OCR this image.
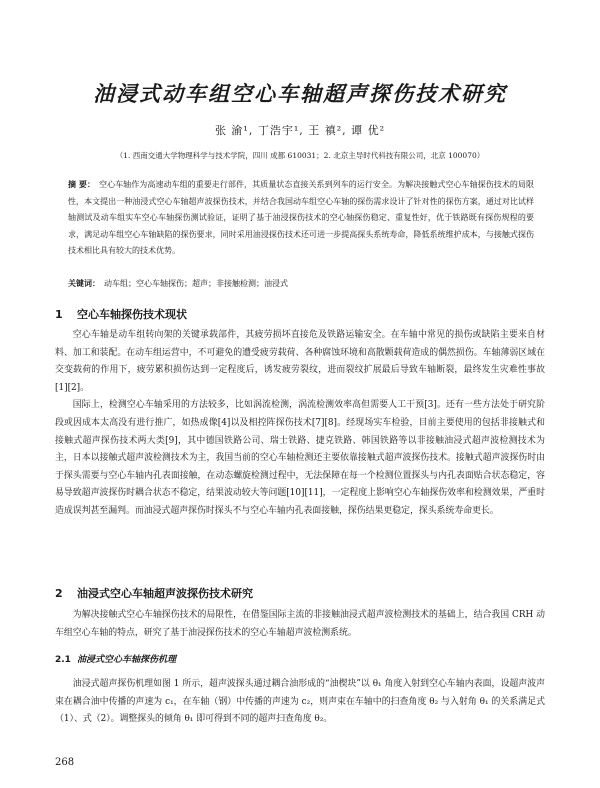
油浸式动车组空心车轴超声探伤技术研究
张 渝¹, 丁浩宇¹, 王 禛², 谭 优²
（1. 西南交通大学物理科学与技术学院，四川 成都 610031；2. 北京主导时代科技有限公司，北京 100070）
摘 要： 空心车轴作为高速动车组的重要走行部件，其质量状态直接关系到列车的运行安全。为解决接触式空心车轴探伤技术的局限性，本文提出一种油浸式空心车轴超声波探伤技术，并结合我国动车组空心车轴的探伤需求设计了针对性的探伤方案，通过对比试样轴测试及动车组实车空心车轴探伤测试验证，证明了基于油浸探伤技术的空心轴探伤稳定、重复性好，优于铁路既有探伤规程的要求，满足动车组空心车轴缺陷的探伤要求，同时采用油浸探伤技术还可进一步提高探头系统寿命，降低系统维护成本，与接触式探伤技术相比具有较大的技术优势。
关键词： 动车组；空心车轴探伤；超声；非接触检测；油浸式
1 空心车轴探伤技术现状

空心车轴是动车组转向架的关键承载部件，其疲劳损坏直接危及铁路运输安全。在车轴中常见的损伤或缺陷主要来自材料、加工和装配。在动车组运营中，不可避免的遭受疲劳载荷、各种腐蚀环境和高散颗载荷造成的偶然损伤。车轴薄弱区域在交变载荷的作用下，疲劳累积损伤达到一定程度后，诱发疲劳裂纹，进而裂纹扩展最后导致车轴断裂，最终发生灾难性事故[1][2]。

国际上，检测空心车轴采用的方法较多，比如涡流检测，涡流检测效率高但需要人工干预[3]。还有一些方法处于研究阶段或因成本太高没有进行推广，如热成像[4]以及相控阵探伤技术[7][8]。经现场实车检验，目前主要使用的包括非接触式和接触式超声探伤技术两大类[9]，其中德国铁路公司、瑞士铁路、捷克铁路、韩国铁路等以非接触油浸式超声波检测技术为主，日本以接触式超声波检测技术为主，我国当前的空心车轴检测还主要依靠接触式超声波探伤技术。接触式超声波探伤时由于探头需要与空心车轴内孔表面接触，在动态螺旋检测过程中，无法保障在每一个检测位置探头与内孔表面贴合状态稳定，容易导致超声波探伤时耦合状态不稳定，结果波动较大等问题[10][11]，一定程度上影响空心车轴探伤效率和检测效果，严重时造成误判甚至漏判。而油浸式超声探伤时探头不与空心车轴内孔表面接触，探伤结果更稳定，探头系统寿命更长。

2 油浸式空心车轴超声波探伤技术研究

为解决接触式空心车轴探伤技术的局限性，在借鉴国际主流的非接触油浸式超声波检测技术的基础上，结合我国 CRH 动车组空心车轴的特点，研究了基于油浸探伤技术的空心车轴超声波检测系统。

2.1 油浸式空心车轴探伤机理

油浸式超声探伤机理如图 1 所示，超声波探头通过耦合油形成的“油楔块”以 θ₁ 角度入射到空心车轴内表面，设超声波声束在耦合油中传播的声速为 c₁，在车轴（钢）中传播的声速为 c₂，则声束在车轴中的扫查角度 θ₂ 与入射角 θ₁ 的关系满足式（1）、式（2）。调整探头的倾角 θ₁ 即可得到不同的超声扫查角度 θ₂。

268
